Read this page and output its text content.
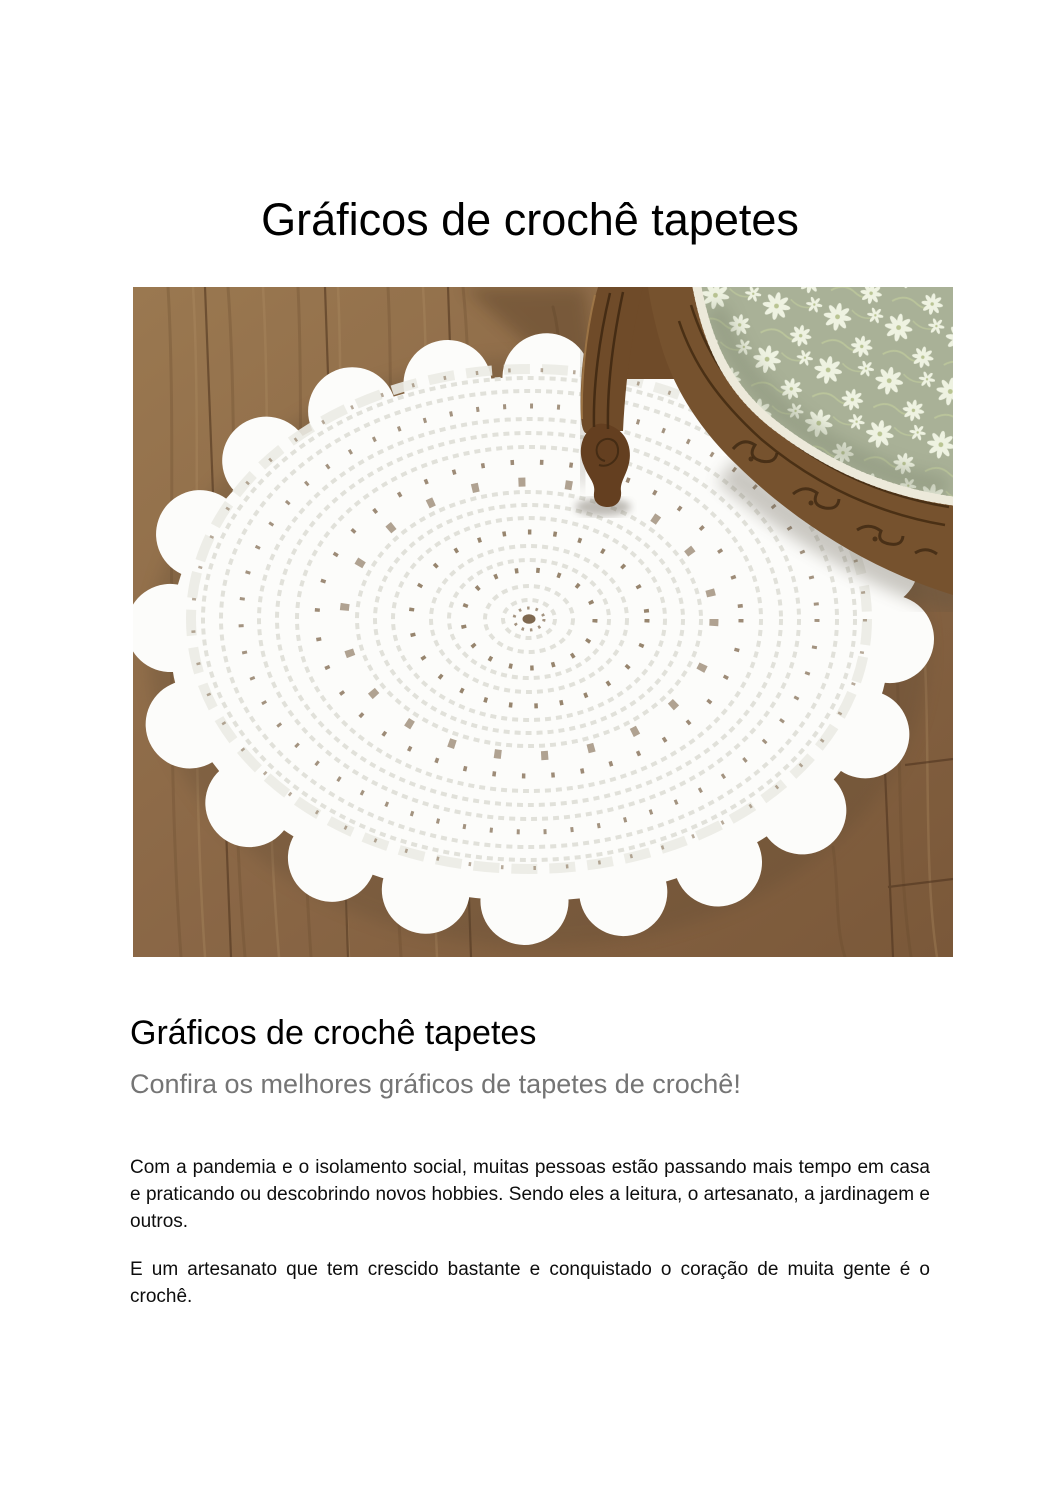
Gráficos de crochê tapetes
Gráficos de crochê tapetes

Confira os melhores gráficos de tapetes de crochê!

Com a pandemia e o isolamento social, muitas pessoas estão passando mais tempo em casa e praticando ou descobrindo novos hobbies. Sendo eles a leitura, o artesanato, a jardinagem e outros.

E um artesanato que tem crescido bastante e conquistado o coração de muita gente é o crochê.
